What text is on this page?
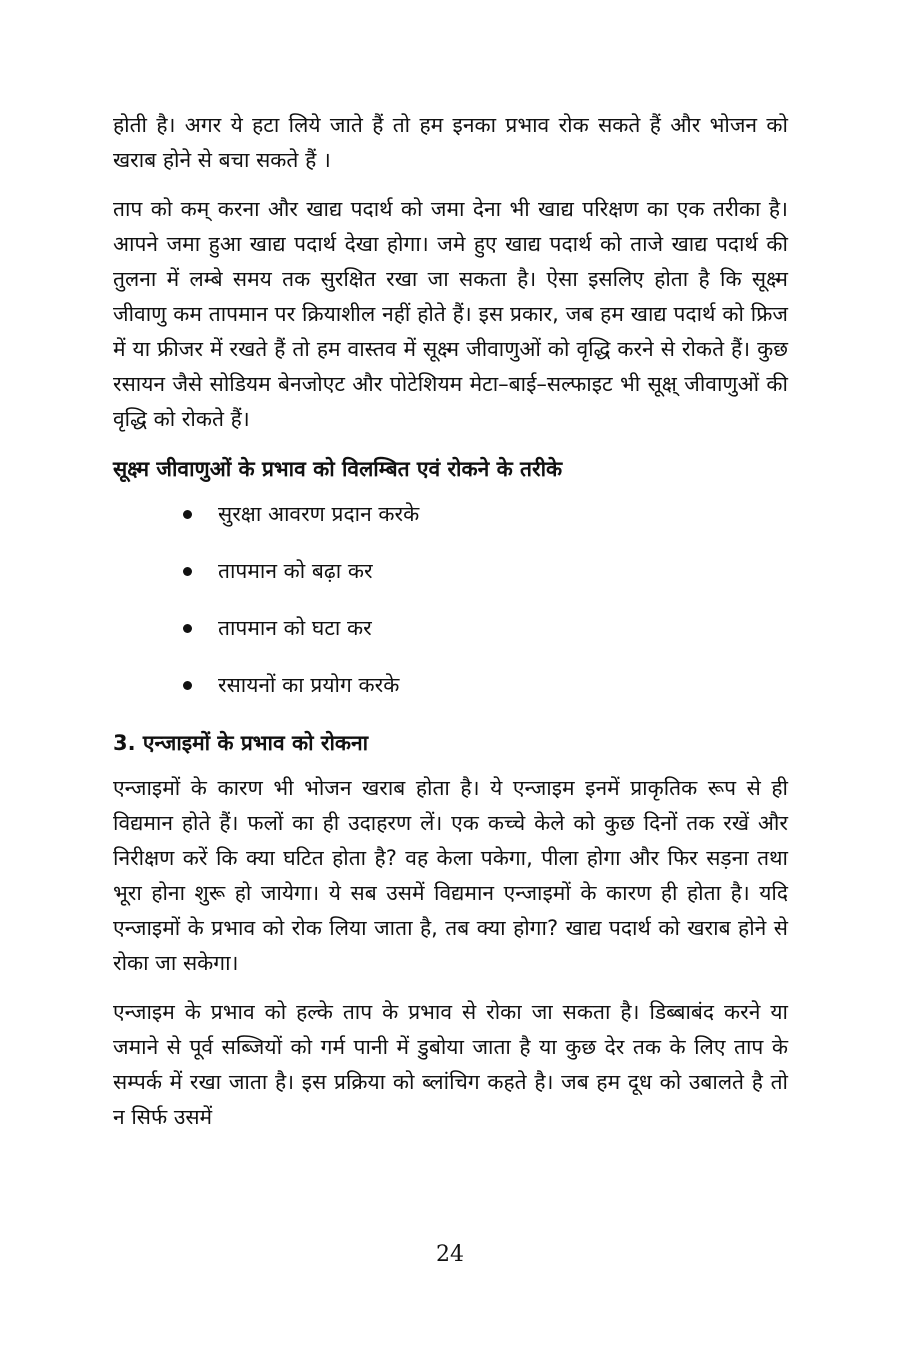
होती है। अगर ये हटा लिये जाते हैं तो हम इनका प्रभाव रोक सकते हैं और भोजन को खराब होने से बचा सकते हैं ।

ताप को कम् करना और खाद्य पदार्थ को जमा देना भी खाद्य परिक्षण का एक तरीका है। आपने जमा हुआ खाद्य पदार्थ देखा होगा। जमे हुए खाद्य पदार्थ को ताजे खाद्य पदार्थ की तुलना में लम्बे समय तक सुरक्षित रखा जा सकता है। ऐसा इसलिए होता है कि सूक्ष्म जीवाणु कम तापमान पर क्रियाशील नहीं होते हैं। इस प्रकार, जब हम खाद्य पदार्थ को फ्रिज में या फ्रीजर में रखते हैं तो हम वास्तव में सूक्ष्म जीवाणुओं को वृद्धि करने से रोकते हैं। कुछ रसायन जैसे सोडियम बेनजोएट और पोटेशियम मेटा–बाई–सल्फाइट भी सूक्ष् जीवाणुओं की वृद्धि को रोकते हैं।

सूक्ष्म जीवाणुओं के प्रभाव को विलम्बित एवं रोकने के तरीके
सुरक्षा आवरण प्रदान करके
तापमान को बढ़ा कर
तापमान को घटा कर
रसायनों का प्रयोग करके
3. एन्जाइमों के प्रभाव को रोकना

एन्जाइमों के कारण भी भोजन खराब होता है। ये एन्जाइम इनमें प्राकृतिक रूप से ही विद्यमान होते हैं। फलों का ही उदाहरण लें। एक कच्चे केले को कुछ दिनों तक रखें और निरीक्षण करें कि क्या घटित होता है? वह केला पकेगा, पीला होगा और फिर सड़ना तथा भूरा होना शुरू हो जायेगा। ये सब उसमें विद्यमान एन्जाइमों के कारण ही होता है। यदि एन्जाइमों के प्रभाव को रोक लिया जाता है, तब क्या होगा? खाद्य पदार्थ को खराब होने से रोका जा सकेगा।

एन्जाइम के प्रभाव को हल्के ताप के प्रभाव से रोका जा सकता है। डिब्बाबंद करने या जमाने से पूर्व सब्जियों को गर्म पानी में डुबोया जाता है या कुछ देर तक के लिए ताप के सम्पर्क में रखा जाता है। इस प्रक्रिया को ब्लांचिग कहते है। जब हम दूध को उबालते है तो न सिर्फ उसमें

24
